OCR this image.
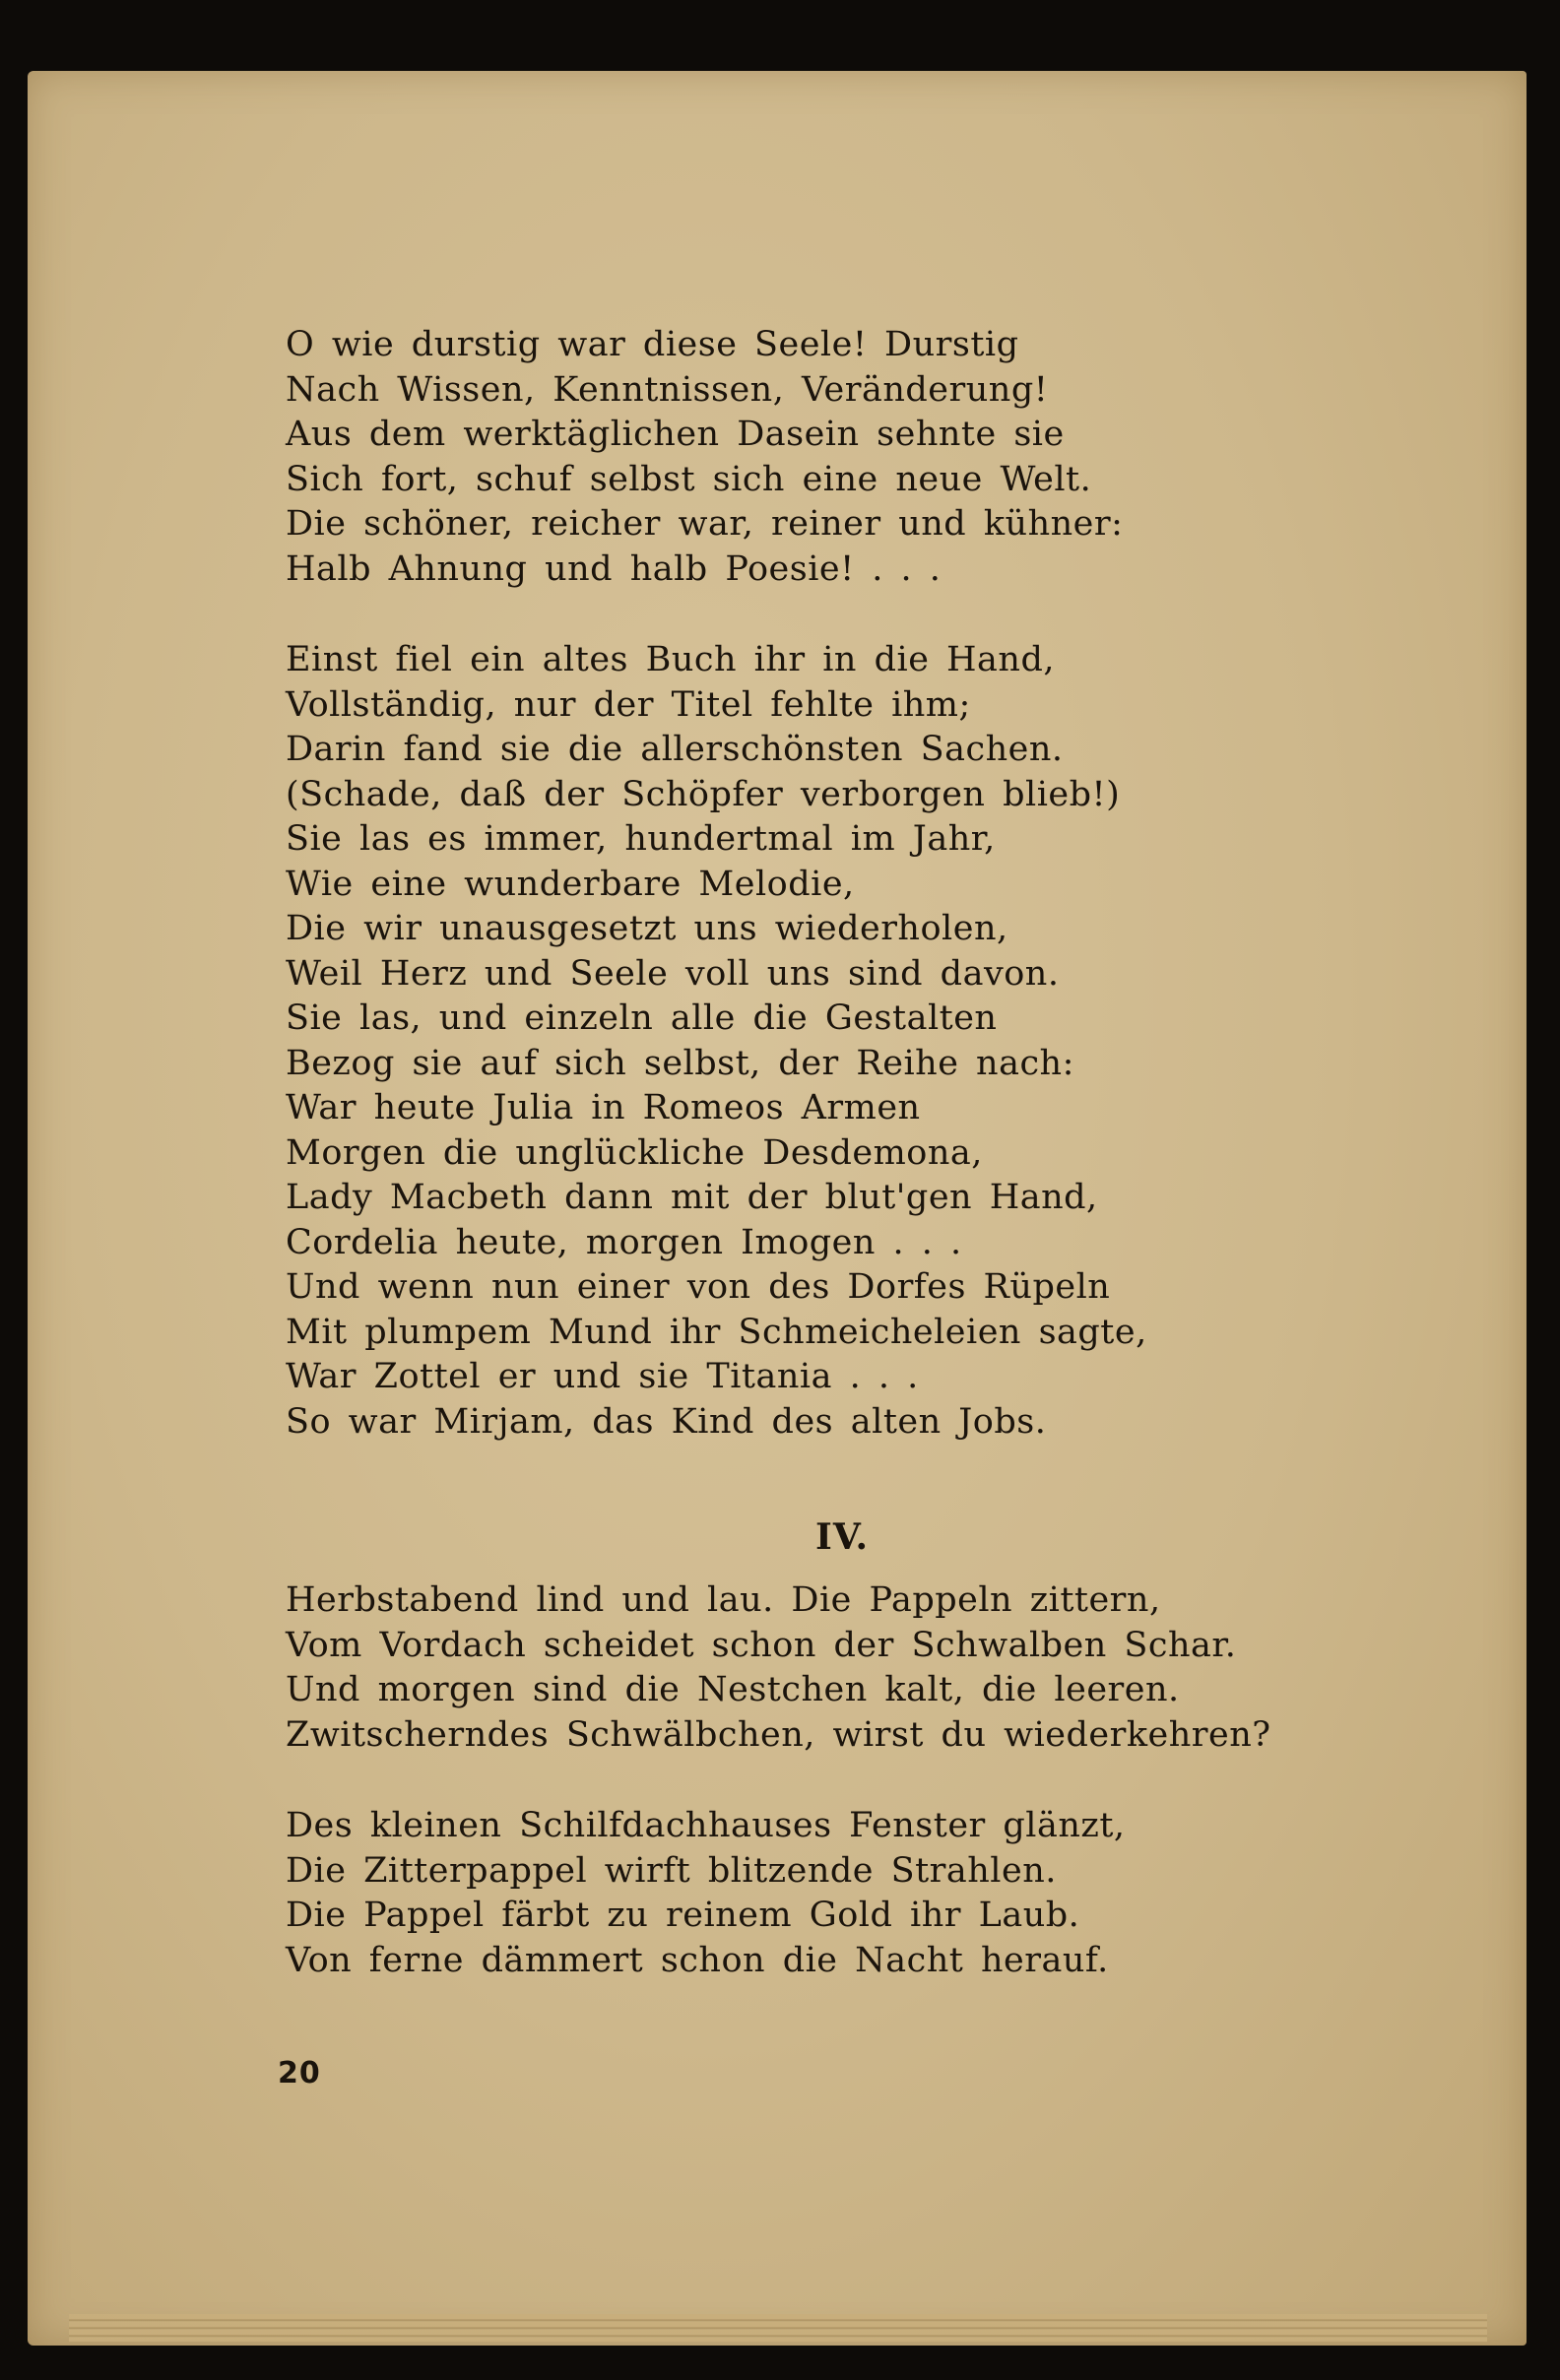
O wie durstig war diese Seele! Durstig
Nach Wissen, Kenntnissen, Veränderung!
Aus dem werktäglichen Dasein sehnte sie
Sich fort, schuf selbst sich eine neue Welt.
Die schöner, reicher war, reiner und kühner:
Halb Ahnung und halb Poesie! . . .
Einst fiel ein altes Buch ihr in die Hand,
Vollständig, nur der Titel fehlte ihm;
Darin fand sie die allerschönsten Sachen.
(Schade, daß der Schöpfer verborgen blieb!)
Sie las es immer, hundertmal im Jahr,
Wie eine wunderbare Melodie,
Die wir unausgesetzt uns wiederholen,
Weil Herz und Seele voll uns sind davon.
Sie las, und einzeln alle die Gestalten
Bezog sie auf sich selbst, der Reihe nach:
War heute Julia in Romeos Armen
Morgen die unglückliche Desdemona,
Lady Macbeth dann mit der blut'gen Hand,
Cordelia heute, morgen Imogen . . .
Und wenn nun einer von des Dorfes Rüpeln
Mit plumpem Mund ihr Schmeicheleien sagte,
War Zottel er und sie Titania . . .
So war Mirjam, das Kind des alten Jobs.
IV.
Herbstabend lind und lau. Die Pappeln zittern,
Vom Vordach scheidet schon der Schwalben Schar.
Und morgen sind die Nestchen kalt, die leeren.
Zwitscherndes Schwälbchen, wirst du wiederkehren?
Des kleinen Schilfdachhauses Fenster glänzt,
Die Zitterpappel wirft blitzende Strahlen.
Die Pappel färbt zu reinem Gold ihr Laub.
Von ferne dämmert schon die Nacht herauf.
20
